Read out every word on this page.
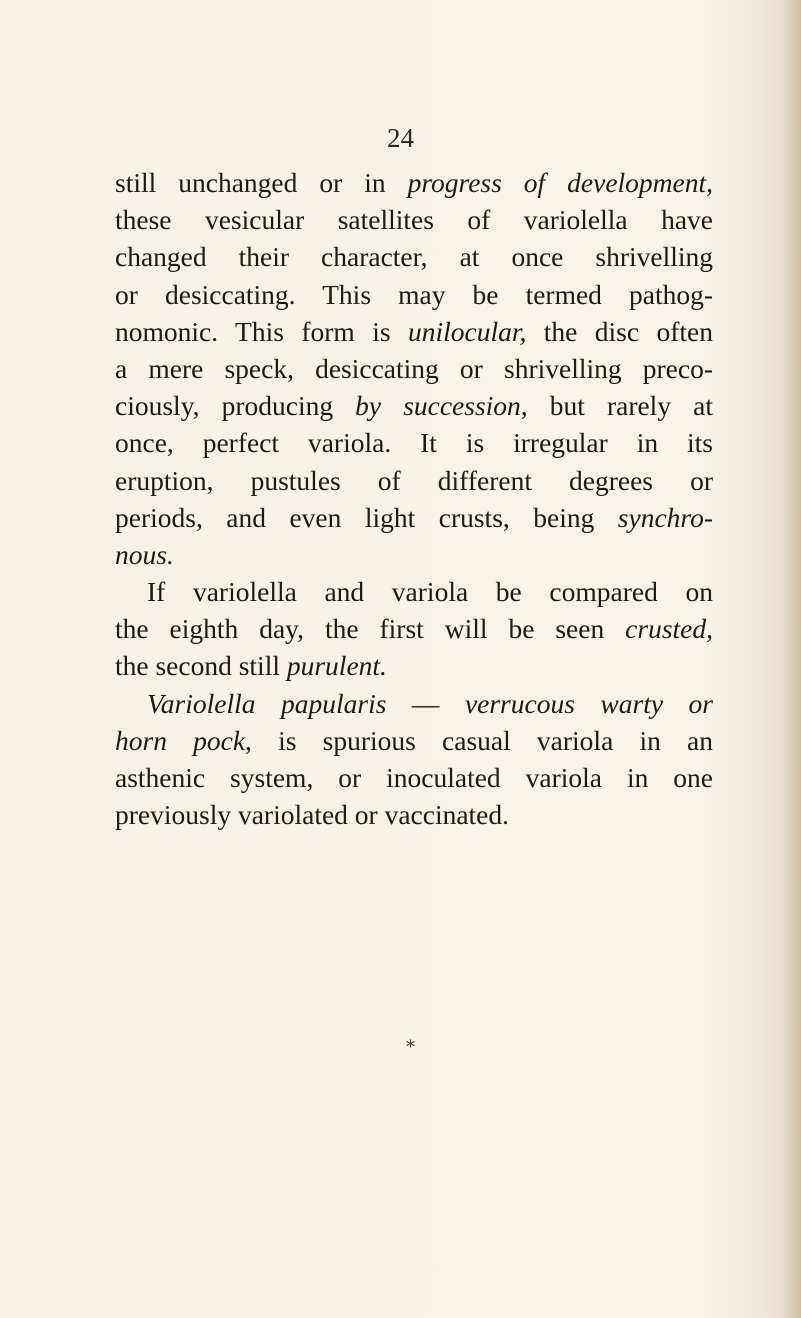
24
still unchanged or in progress of development,
these vesicular satellites of variolella have
changed their character, at once shrivelling
or desiccating. This may be termed pathog-
nomonic. This form is unilocular, the disc often
a mere speck, desiccating or shrivelling preco-
ciously, producing by succession, but rarely at
once, perfect variola. It is irregular in its
eruption, pustules of different degrees or
periods, and even light crusts, being synchro-
nous.
If variolella and variola be compared on
the eighth day, the first will be seen crusted,
the second still purulent.
Variolella papularis — verrucous warty or
horn pock, is spurious casual variola in an
asthenic system, or inoculated variola in one
previously variolated or vaccinated.
⁎
